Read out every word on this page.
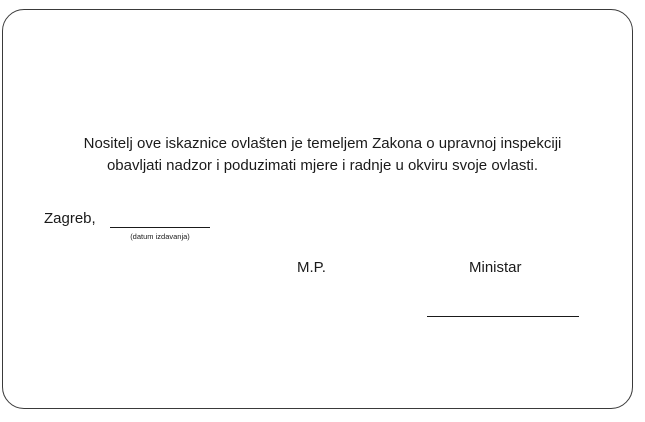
Nositelj ove iskaznice ovlašten je temeljem Zakona o upravnoj inspekciji
obavljati nadzor i poduzimati mjere i radnje u okviru svoje ovlasti.
Zagreb,
(datum izdavanja)
M.P.	Ministar
